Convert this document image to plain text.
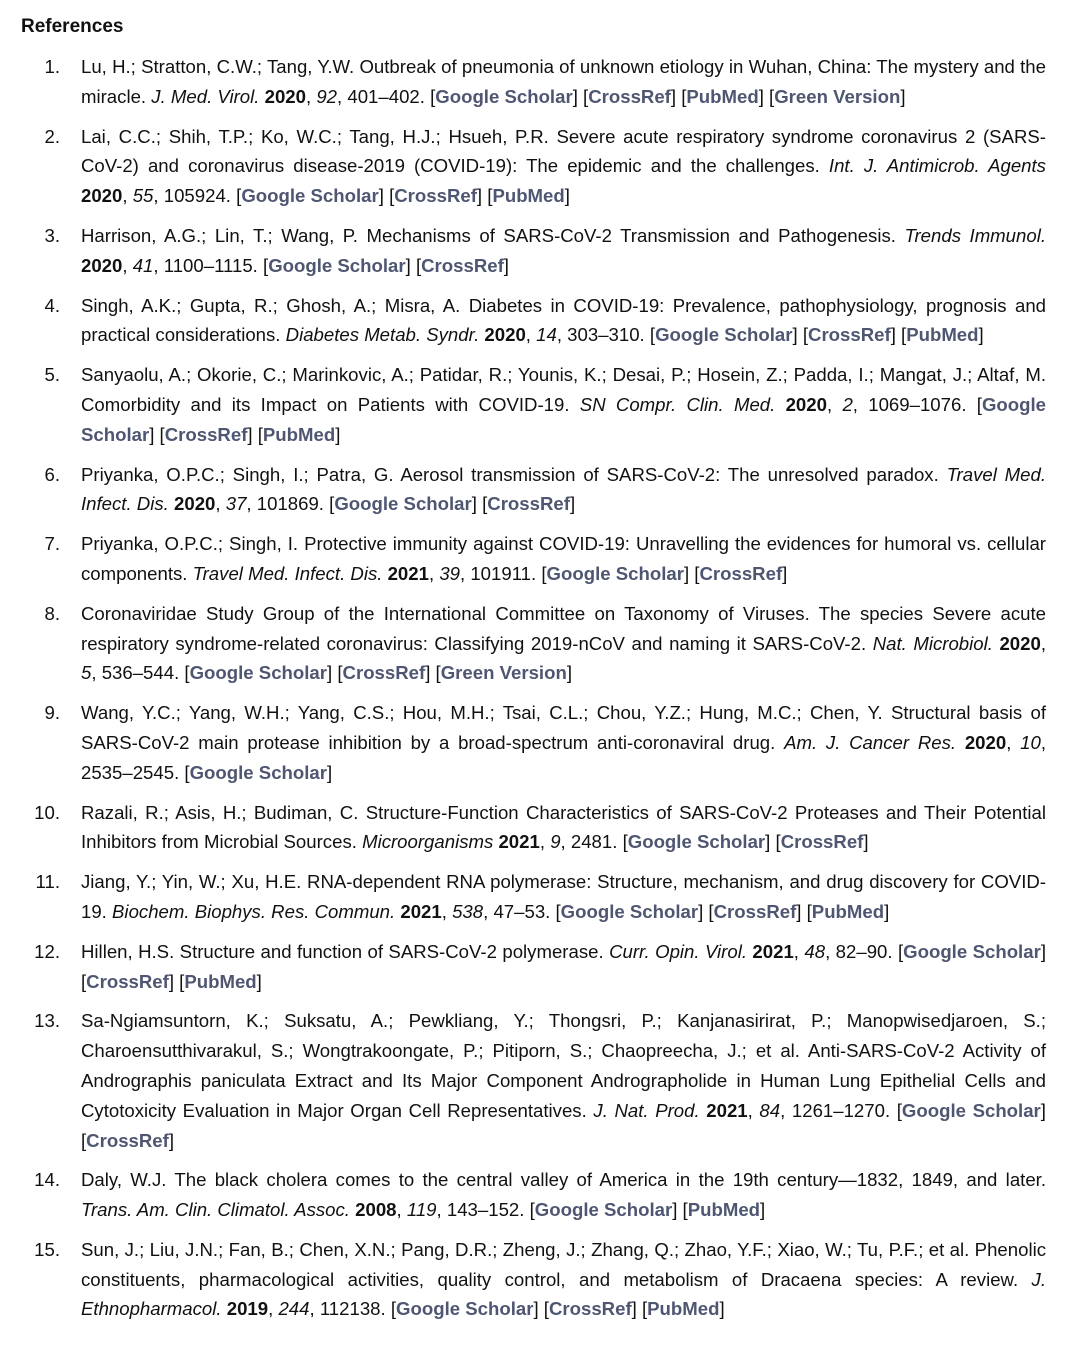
References
1. Lu, H.; Stratton, C.W.; Tang, Y.W. Outbreak of pneumonia of unknown etiology in Wuhan, China: The mystery and the miracle. J. Med. Virol. 2020, 92, 401–402. [Google Scholar] [CrossRef] [PubMed] [Green Version]
2. Lai, C.C.; Shih, T.P.; Ko, W.C.; Tang, H.J.; Hsueh, P.R. Severe acute respiratory syndrome coronavirus 2 (SARS-CoV-2) and coronavirus disease-2019 (COVID-19): The epidemic and the challenges. Int. J. Antimicrob. Agents 2020, 55, 105924. [Google Scholar] [CrossRef] [PubMed]
3. Harrison, A.G.; Lin, T.; Wang, P. Mechanisms of SARS-CoV-2 Transmission and Pathogenesis. Trends Immunol. 2020, 41, 1100–1115. [Google Scholar] [CrossRef]
4. Singh, A.K.; Gupta, R.; Ghosh, A.; Misra, A. Diabetes in COVID-19: Prevalence, pathophysiology, prognosis and practical considerations. Diabetes Metab. Syndr. 2020, 14, 303–310. [Google Scholar] [CrossRef] [PubMed]
5. Sanyaolu, A.; Okorie, C.; Marinkovic, A.; Patidar, R.; Younis, K.; Desai, P.; Hosein, Z.; Padda, I.; Mangat, J.; Altaf, M. Comorbidity and its Impact on Patients with COVID-19. SN Compr. Clin. Med. 2020, 2, 1069–1076. [Google Scholar] [CrossRef] [PubMed]
6. Priyanka, O.P.C.; Singh, I.; Patra, G. Aerosol transmission of SARS-CoV-2: The unresolved paradox. Travel Med. Infect. Dis. 2020, 37, 101869. [Google Scholar] [CrossRef]
7. Priyanka, O.P.C.; Singh, I. Protective immunity against COVID-19: Unravelling the evidences for humoral vs. cellular components. Travel Med. Infect. Dis. 2021, 39, 101911. [Google Scholar] [CrossRef]
8. Coronaviridae Study Group of the International Committee on Taxonomy of Viruses. The species Severe acute respiratory syndrome-related coronavirus: Classifying 2019-nCoV and naming it SARS-CoV-2. Nat. Microbiol. 2020, 5, 536–544. [Google Scholar] [CrossRef] [Green Version]
9. Wang, Y.C.; Yang, W.H.; Yang, C.S.; Hou, M.H.; Tsai, C.L.; Chou, Y.Z.; Hung, M.C.; Chen, Y. Structural basis of SARS-CoV-2 main protease inhibition by a broad-spectrum anti-coronaviral drug. Am. J. Cancer Res. 2020, 10, 2535–2545. [Google Scholar]
10. Razali, R.; Asis, H.; Budiman, C. Structure-Function Characteristics of SARS-CoV-2 Proteases and Their Potential Inhibitors from Microbial Sources. Microorganisms 2021, 9, 2481. [Google Scholar] [CrossRef]
11. Jiang, Y.; Yin, W.; Xu, H.E. RNA-dependent RNA polymerase: Structure, mechanism, and drug discovery for COVID-19. Biochem. Biophys. Res. Commun. 2021, 538, 47–53. [Google Scholar] [CrossRef] [PubMed]
12. Hillen, H.S. Structure and function of SARS-CoV-2 polymerase. Curr. Opin. Virol. 2021, 48, 82–90. [Google Scholar] [CrossRef] [PubMed]
13. Sa-Ngiamsuntorn, K.; Suksatu, A.; Pewkliang, Y.; Thongsri, P.; Kanjanasirirat, P.; Manopwisedjaroen, S.; Charoensutthivarakul, S.; Wongtrakoongate, P.; Pitiporn, S.; Chaopreecha, J.; et al. Anti-SARS-CoV-2 Activity of Andrographis paniculata Extract and Its Major Component Andrographolide in Human Lung Epithelial Cells and Cytotoxicity Evaluation in Major Organ Cell Representatives. J. Nat. Prod. 2021, 84, 1261–1270. [Google Scholar] [CrossRef]
14. Daly, W.J. The black cholera comes to the central valley of America in the 19th century—1832, 1849, and later. Trans. Am. Clin. Climatol. Assoc. 2008, 119, 143–152. [Google Scholar] [PubMed]
15. Sun, J.; Liu, J.N.; Fan, B.; Chen, X.N.; Pang, D.R.; Zheng, J.; Zhang, Q.; Zhao, Y.F.; Xiao, W.; Tu, P.F.; et al. Phenolic constituents, pharmacological activities, quality control, and metabolism of Dracaena species: A review. J. Ethnopharmacol. 2019, 244, 112138. [Google Scholar] [CrossRef] [PubMed]
